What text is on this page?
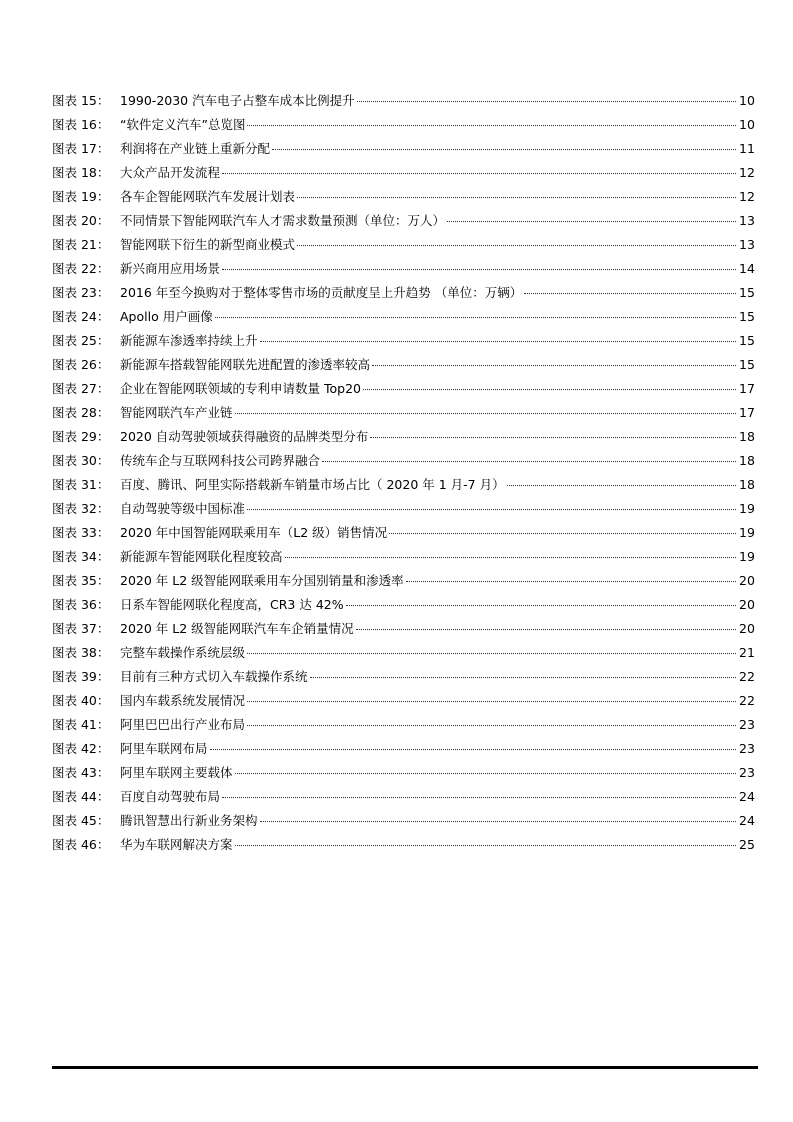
图表 15： 1990-2030 汽车电子占整车成本比例提升	10
图表 16： “软件定义汽车”总览图	10
图表 17： 利润将在产业链上重新分配	11
图表 18： 大众产品开发流程	12
图表 19： 各车企智能网联汽车发展计划表	12
图表 20： 不同情景下智能网联汽车人才需求数量预测（单位：万人）	13
图表 21： 智能网联下衍生的新型商业模式	13
图表 22： 新兴商用应用场景	14
图表 23： 2016 年至今换购对于整体零售市场的贡献度呈上升趋势 （单位：万辆）	15
图表 24： Apollo 用户画像	15
图表 25： 新能源车渗透率持续上升	15
图表 26： 新能源车搭载智能网联先进配置的渗透率较高	15
图表 27： 企业在智能网联领域的专利申请数量 Top20	17
图表 28： 智能网联汽车产业链	17
图表 29： 2020 自动驾驶领域获得融资的品牌类型分布	18
图表 30： 传统车企与互联网科技公司跨界融合	18
图表 31： 百度、腾讯、阿里实际搭载新车销量市场占比（ 2020 年 1 月-7 月）	18
图表 32： 自动驾驶等级中国标准	19
图表 33： 2020 年中国智能网联乘用车（L2 级）销售情况	19
图表 34： 新能源车智能网联化程度较高	19
图表 35： 2020 年 L2 级智能网联乘用车分国别销量和渗透率	20
图表 36： 日系车智能网联化程度高，CR3 达 42%	20
图表 37： 2020 年 L2 级智能网联汽车车企销量情况	20
图表 38： 完整车载操作系统层级	21
图表 39： 目前有三种方式切入车载操作系统	22
图表 40： 国内车载系统发展情况	22
图表 41： 阿里巴巴出行产业布局	23
图表 42： 阿里车联网布局	23
图表 43： 阿里车联网主要载体	23
图表 44： 百度自动驾驶布局	24
图表 45： 腾讯智慧出行新业务架构	24
图表 46： 华为车联网解决方案	25
